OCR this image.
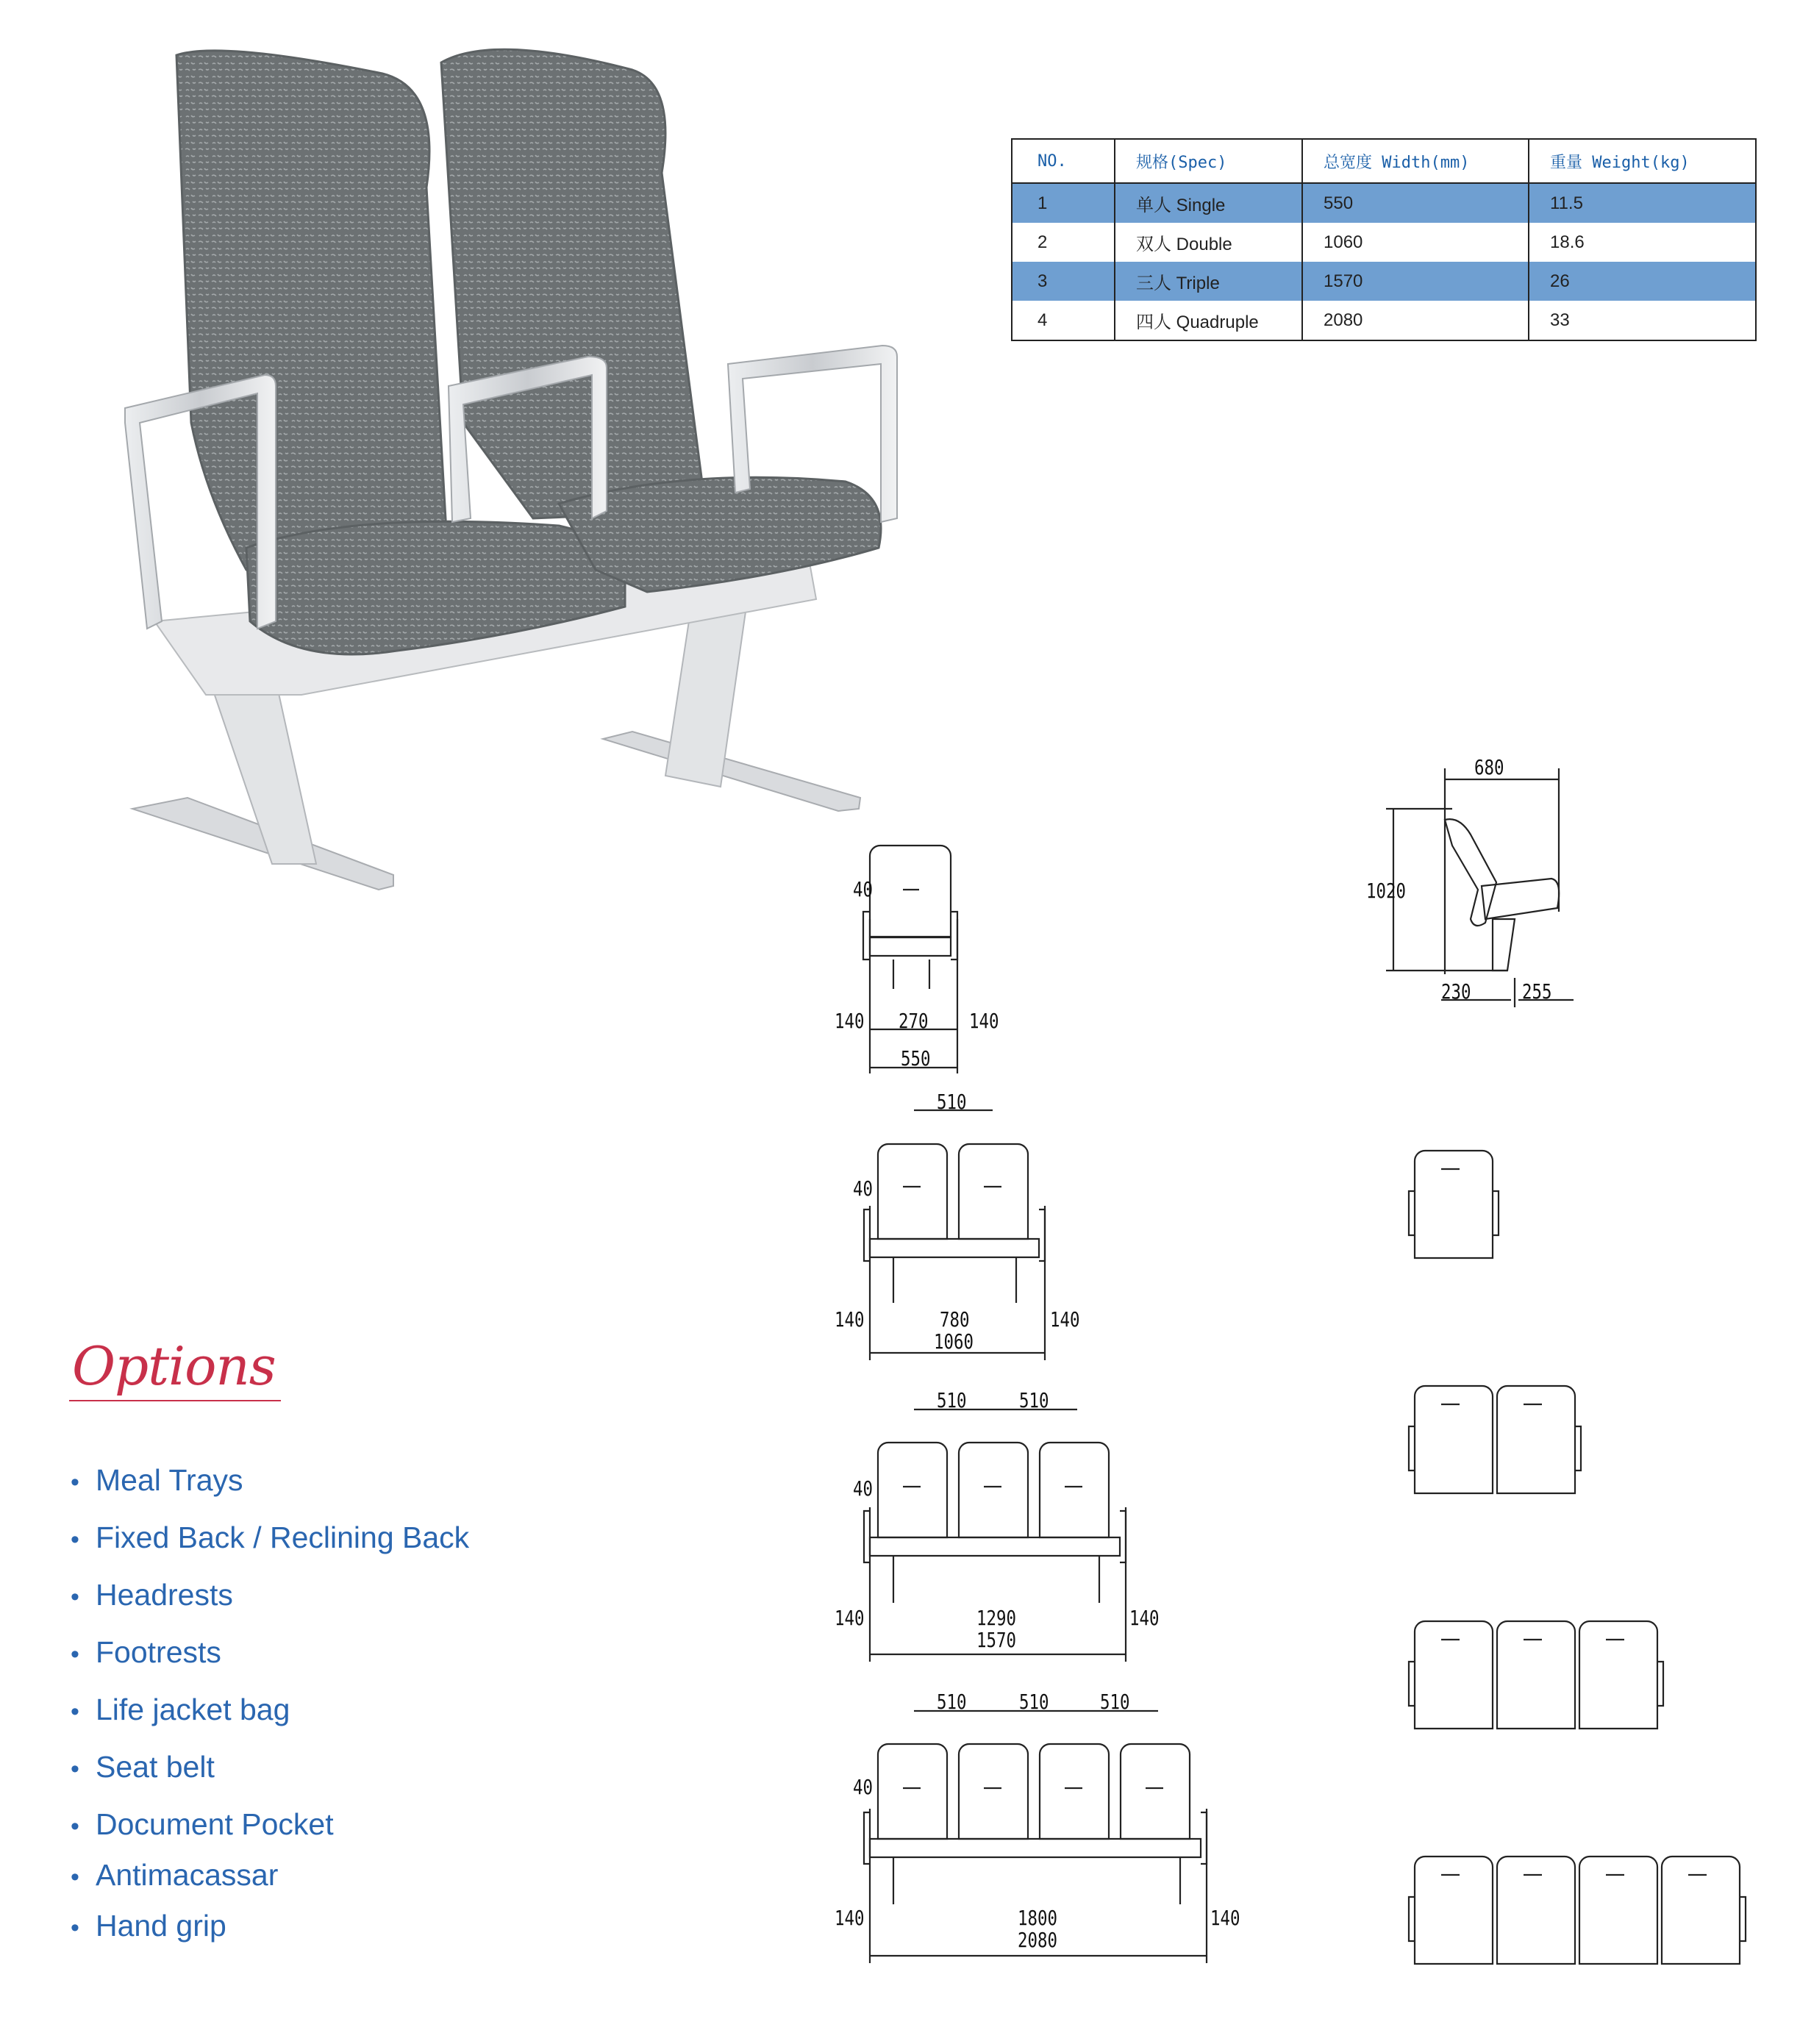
NO.	规格(Spec)	总宽度 Width(mm)	重量 Weight(kg)
1	单人 Single	550	11.5
2	双人 Double	1060	18.6
3	三人 Triple	1570	26
4	四人 Quadruple	2080	33
Options
• Meal Trays
• Fixed Back / Reclining Back
• Headrests
• Footrests
• Life jacket bag
• Seat belt
• Document Pocket
• Antimacassar
• Hand grip
680
1020
230 255
40
140 270 140
550
510
40
140	780	140
1060
510	510
40
140	1290	140
1570
510	510 510
40
140	1800	140
2080
